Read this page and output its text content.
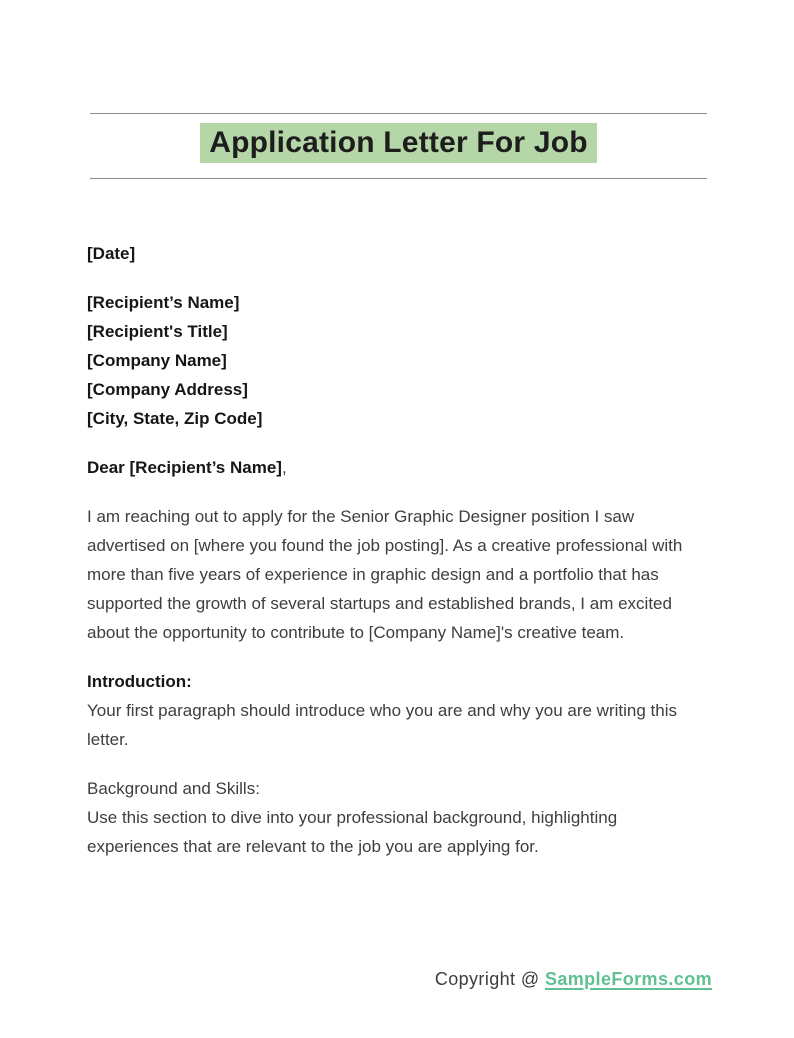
Application Letter For Job

[Date]

[Recipient’s Name]
[Recipient's Title]
[Company Name]
[Company Address]
[City, State, Zip Code]

Dear [Recipient’s Name],

I am reaching out to apply for the Senior Graphic Designer position I saw advertised on [where you found the job posting]. As a creative professional with more than five years of experience in graphic design and a portfolio that has supported the growth of several startups and established brands, I am excited about the opportunity to contribute to [Company Name]'s creative team.

Introduction:
Your first paragraph should introduce who you are and why you are writing this letter.

Background and Skills:
Use this section to dive into your professional background, highlighting experiences that are relevant to the job you are applying for.

Copyright @ SampleForms.com
